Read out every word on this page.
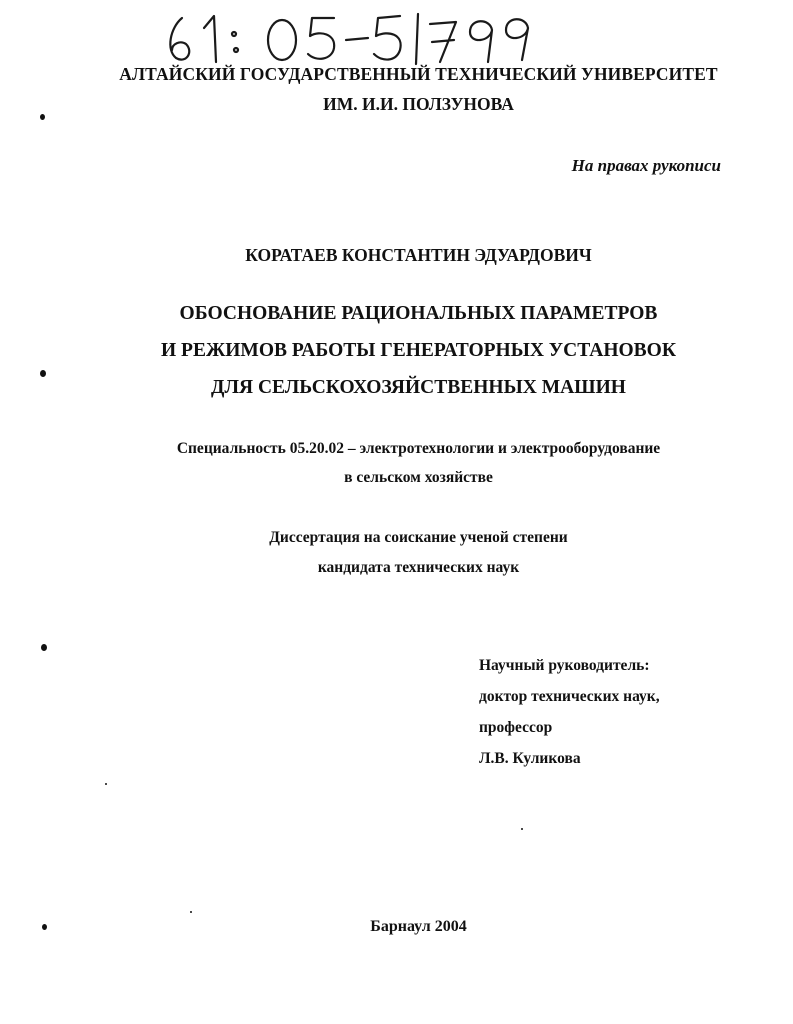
АЛТАЙСКИЙ ГОСУДАРСТВЕННЫЙ ТЕХНИЧЕСКИЙ УНИВЕРСИТЕТ
ИМ. И.И. ПОЛЗУНОВА
На правах рукописи
КОРАТАЕВ КОНСТАНТИН ЭДУАРДОВИЧ
ОБОСНОВАНИЕ РАЦИОНАЛЬНЫХ ПАРАМЕТРОВ
И РЕЖИМОВ РАБОТЫ ГЕНЕРАТОРНЫХ УСТАНОВОК
ДЛЯ СЕЛЬСКОХОЗЯЙСТВЕННЫХ МАШИН
Специальность 05.20.02 – электротехнологии и электрооборудование
в сельском хозяйстве
Диссертация на соискание ученой степени
кандидата технических наук
Научный руководитель:
доктор технических наук,
профессор
Л.В. Куликова
Барнаул 2004
